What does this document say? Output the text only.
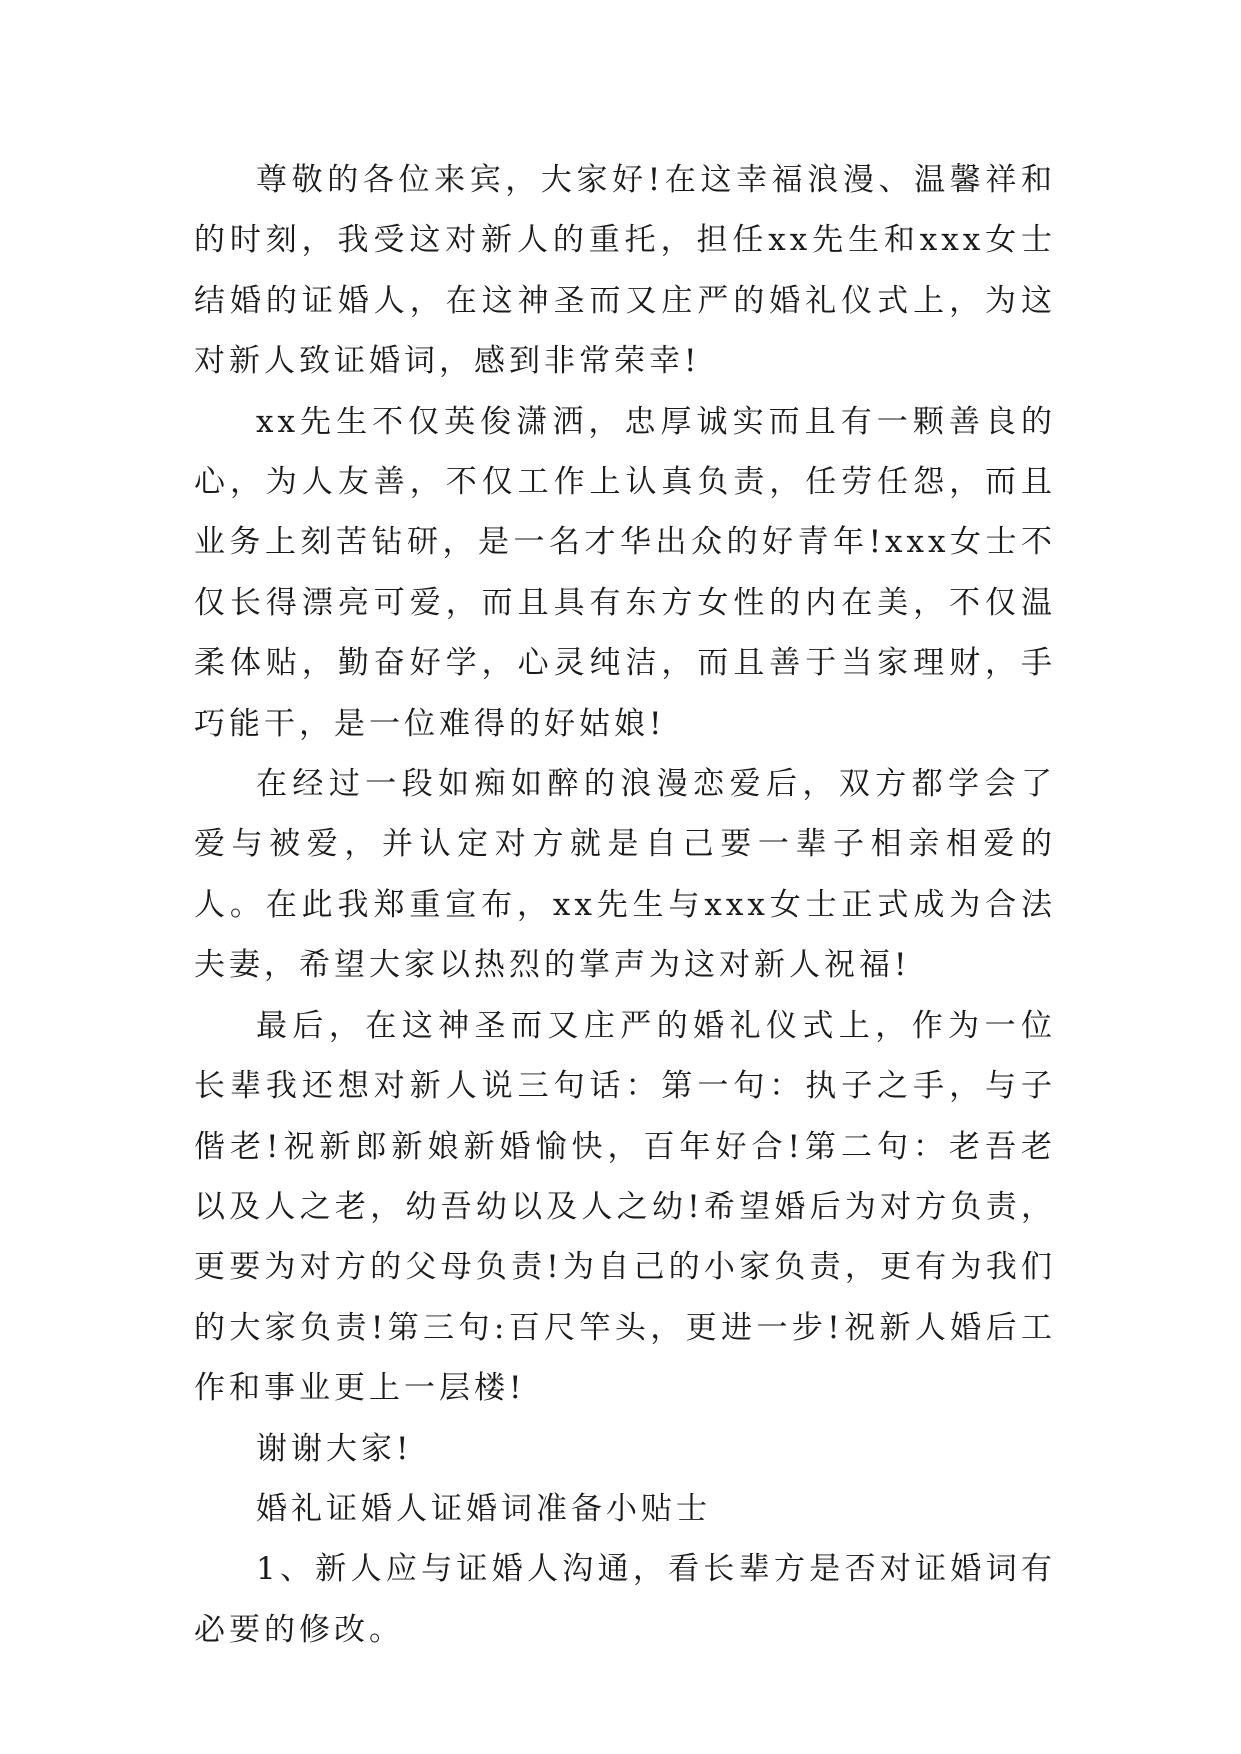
尊敬的各位来宾，大家好!在这幸福浪漫、温馨祥和的时刻，我受这对新人的重托，担任xx先生和xxx女士结婚的证婚人，在这神圣而又庄严的婚礼仪式上，为这对新人致证婚词，感到非常荣幸!

xx先生不仅英俊潇洒，忠厚诚实而且有一颗善良的心，为人友善，不仅工作上认真负责，任劳任怨，而且业务上刻苦钻研，是一名才华出众的好青年!xxx女士不仅长得漂亮可爱，而且具有东方女性的内在美，不仅温柔体贴，勤奋好学，心灵纯洁，而且善于当家理财，手巧能干，是一位难得的好姑娘!

在经过一段如痴如醉的浪漫恋爱后，双方都学会了爱与被爱，并认定对方就是自己要一辈子相亲相爱的人。在此我郑重宣布，xx先生与xxx女士正式成为合法夫妻，希望大家以热烈的掌声为这对新人祝福!

最后，在这神圣而又庄严的婚礼仪式上，作为一位长辈我还想对新人说三句话：第一句：执子之手，与子偕老!祝新郎新娘新婚愉快，百年好合!第二句：老吾老以及人之老，幼吾幼以及人之幼!希望婚后为对方负责，更要为对方的父母负责!为自己的小家负责，更有为我们的大家负责!第三句:百尺竿头，更进一步!祝新人婚后工作和事业更上一层楼!

谢谢大家!

婚礼证婚人证婚词准备小贴士

1、新人应与证婚人沟通，看长辈方是否对证婚词有必要的修改。
